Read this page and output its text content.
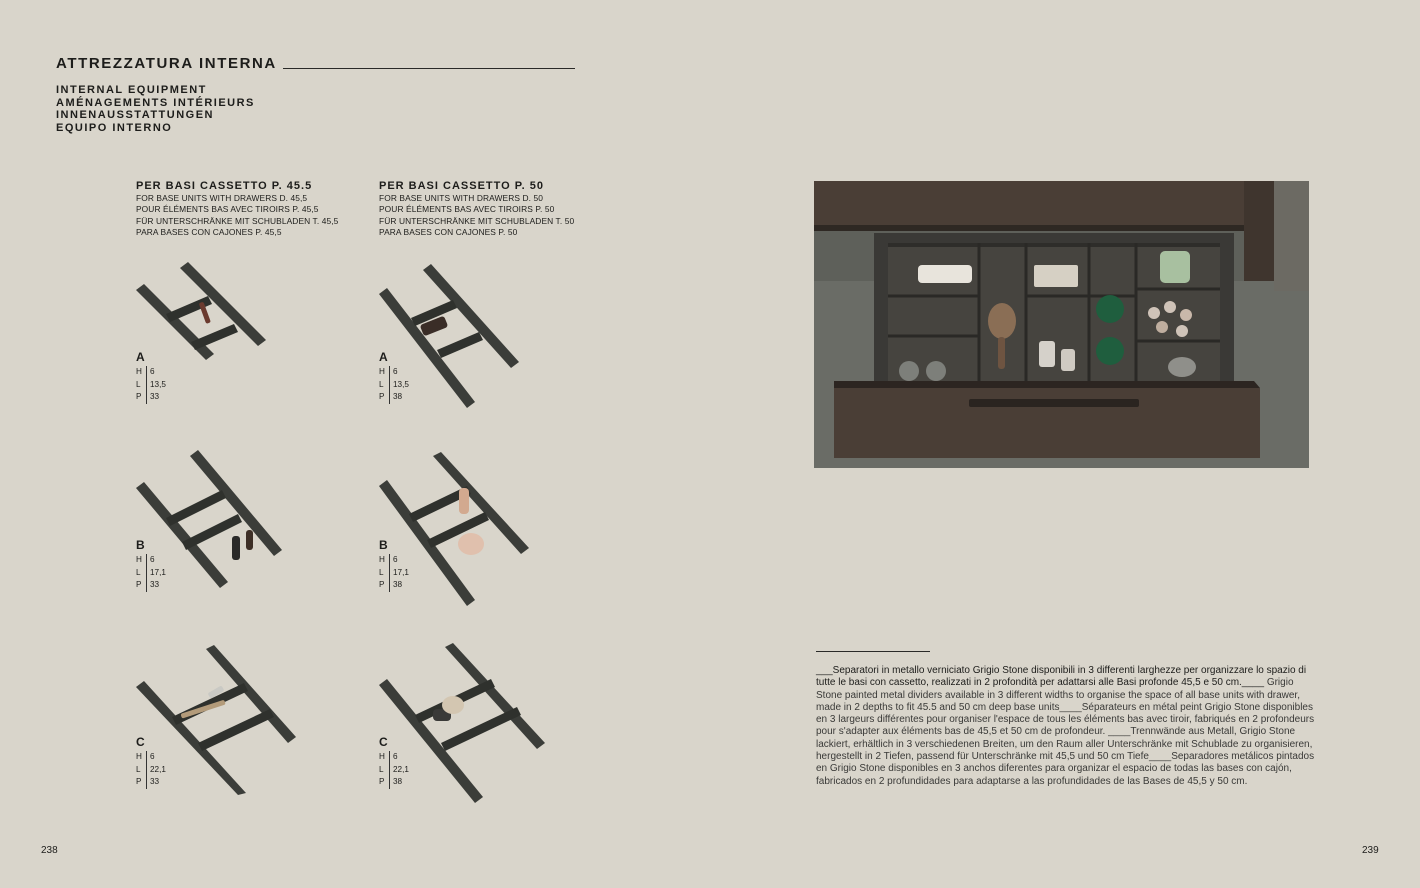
ATTREZZATURA INTERNA
INTERNAL EQUIPMENT
AMÉNAGEMENTS INTÉRIEURS
INNENAUSSTATTUNGEN
EQUIPO INTERNO
PER BASI CASSETTO P. 45.5
FOR BASE UNITS WITH DRAWERS D. 45,5
POUR ÉLÉMENTS BAS AVEC TIROIRS P. 45,5
FÜR UNTERSCHRÄNKE MIT SCHUBLADEN T. 45,5
PARA BASES CON CAJONES P. 45,5
PER BASI CASSETTO P. 50
FOR BASE UNITS WITH DRAWERS D. 50
POUR ÉLÉMENTS BAS AVEC TIROIRS P. 50
FÜR UNTERSCHRÄNKE MIT SCHUBLADEN T. 50
PARA BASES CON CAJONES P. 50
A
H 6
L	13,5
P	33
B
H 6
L	17,1
P	33
C
H 6
L	22,1
P	33
A
H 6
L	13,5
P	38
B
H 6
L	17,1
P	38
C
H 6
L	22,1
P	38
___Separatori in metallo verniciato Grigio Stone disponibili in 3 differenti larghezze per organizzare lo spazio di tutte le basi con cassetto, realizzati in 2 profondità per adattarsi alle Basi profonde 45,5 e 50 cm.____ Grigio Stone painted metal dividers available in 3 different widths to organise the space of all base units with drawer, made in 2 depths to fit 45.5 and 50 cm deep base units____Séparateurs en métal peint Grigio Stone disponibles en 3 largeurs différentes pour organiser l'espace de tous les éléments bas avec tiroir, fabriqués en 2 profondeurs pour s'adapter aux éléments bas de 45,5 et 50 cm de profondeur. ____Trennwände aus Metall, Grigio Stone lackiert, erhältlich in 3 verschiedenen Breiten, um den Raum aller Unterschränke mit Schublade zu organisieren, hergestellt in 2 Tiefen, passend für Unterschränke mit 45,5 und 50 cm Tiefe____Separadores metálicos pintados en Grigio Stone disponibles en 3 anchos diferentes para organizar el espacio de todas las bases con cajón, fabricados en 2 profundidades para adaptarse a las profundidades de las Bases de 45,5 y 50 cm.
238	239
